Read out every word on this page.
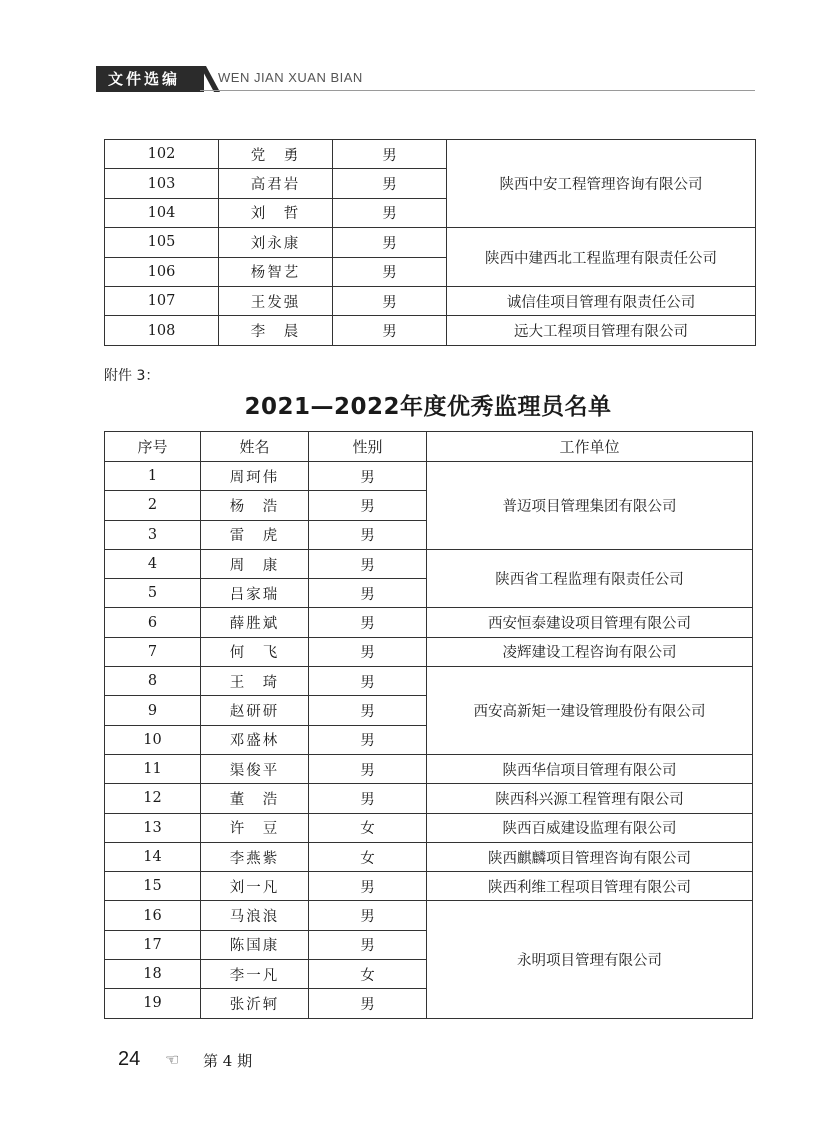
文件选编	WEN JIAN XUAN BIAN
102	党　勇	男	陕西中安工程管理咨询有限公司
103	高君岩	男	
104	刘　哲	男	
105	刘永康	男	陕西中建西北工程监理有限责任公司
106	杨智艺	男	
107	王发强	男	诚信佳项目管理有限责任公司
108	李　晨	男	远大工程项目管理有限公司
附件 3：
2021—2022年度优秀监理员名单
序号	姓名	性别	工作单位
1	周珂伟	男	普迈项目管理集团有限公司
2	杨　浩	男	
3	雷　虎	男	
4	周　康	男	陕西省工程监理有限责任公司
5	吕家瑞	男	
6	薛胜斌	男	西安恒泰建设项目管理有限公司
7	何　飞	男	凌辉建设工程咨询有限公司
8	王　琦	男	西安高新矩一建设管理股份有限公司
9	赵研研	男	
10	邓盛林	男	
11	渠俊平	男	陕西华信项目管理有限公司
12	董　浩	男	陕西科兴源工程管理有限公司
13	许　豆	女	陕西百威建设监理有限公司
14	李燕紫	女	陕西麒麟项目管理咨询有限公司
15	刘一凡	男	陕西利维工程项目管理有限公司
16	马浪浪	男	永明项目管理有限公司
17	陈国康	男	
18	李一凡	女	
19	张沂轲	男	
24 ☜ 第 4 期
